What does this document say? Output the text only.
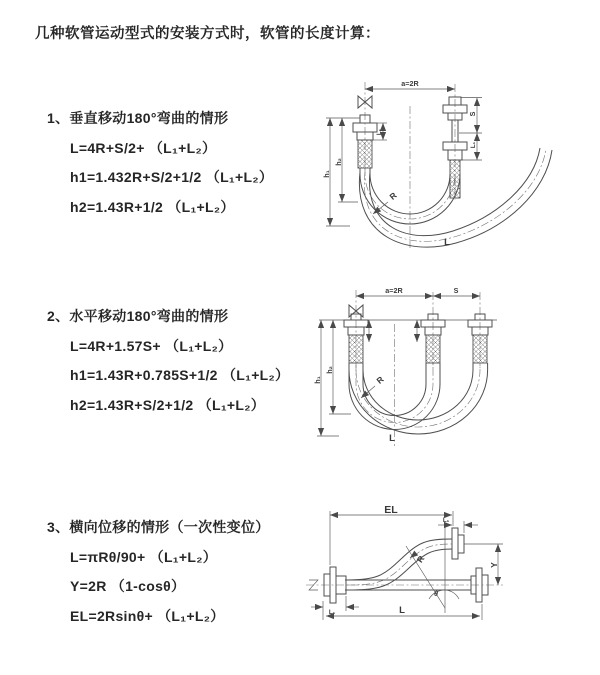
几种软管运动型式的安装方式时，软管的长度计算：
1、垂直移动180°弯曲的情形
L=4R+S/2+ （L₁+L₂）
h1=1.432R+S/2+1/2 （L₁+L₂）
h2=1.43R+1/2 （L₁+L₂）
2、水平移动180°弯曲的情形
L=4R+1.57S+ （L₁+L₂）
h1=1.43R+0.785S+1/2 （L₁+L₂）
h2=1.43R+S/2+1/2 （L₁+L₂）
3、横向位移的情形（一次性变位）
L=πRθ/90+ （L₁+L₂）
Y=2R （1-cosθ）
EL=2Rsinθ+ （L₁+L₂）
a=2R
L₁
S
L₁
h₁
h₂
R
L
a=2R	S
h₁
h₂
R
L
EL
L₁
L₁
Y
R
θ
L
